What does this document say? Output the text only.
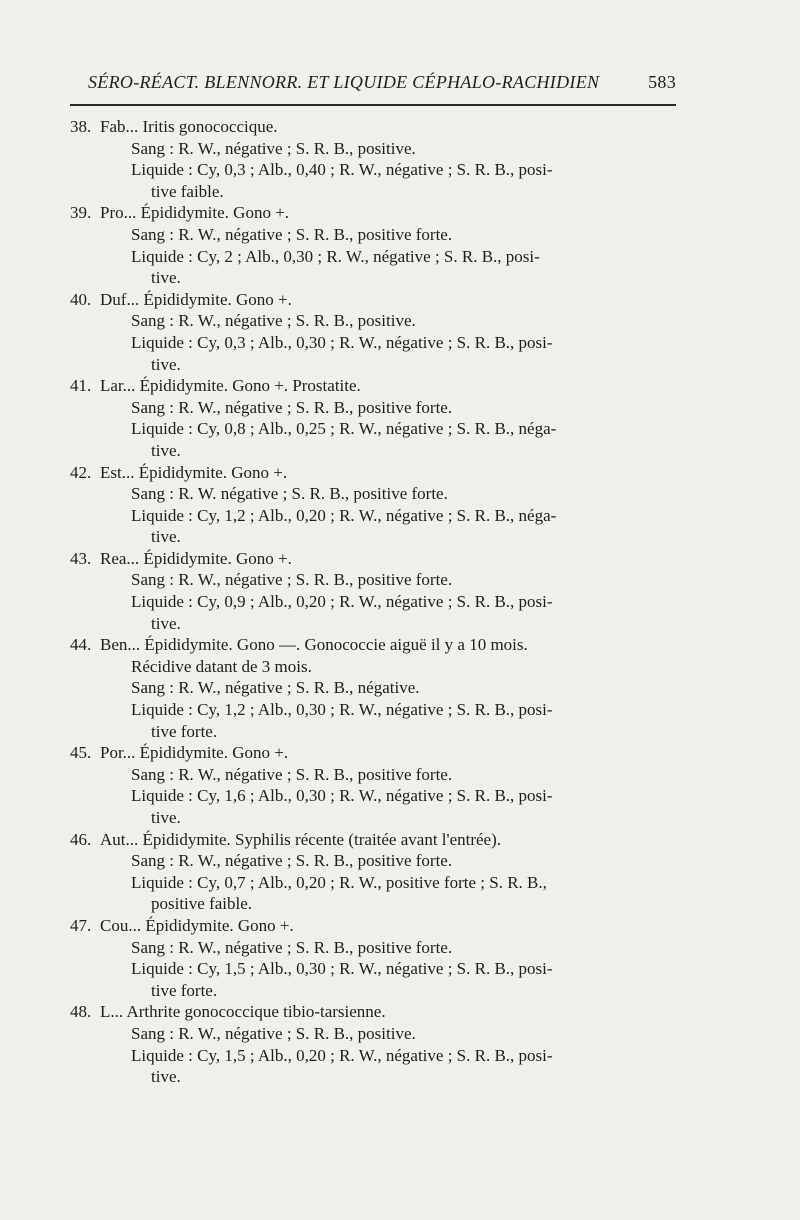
SÉRO-RÉACT. BLENNORR. ET LIQUIDE CÉPHALO-RACHIDIEN	583
38. Fab... Iritis gonococcique.
Sang : R. W., négative ; S. R. B., positive.
Liquide : Cy, 0,3 ; Alb., 0,40 ; R. W., négative ; S. R. B., posi-
tive faible.
39. Pro... Épididymite. Gono +.
Sang : R. W., négative ; S. R. B., positive forte.
Liquide : Cy, 2 ; Alb., 0,30 ; R. W., négative ; S. R. B., posi-
tive.
40. Duf... Épididymite. Gono +.
Sang : R. W., négative ; S. R. B., positive.
Liquide : Cy, 0,3 ; Alb., 0,30 ; R. W., négative ; S. R. B., posi-
tive.
41. Lar... Épididymite. Gono +. Prostatite.
Sang : R. W., négative ; S. R. B., positive forte.
Liquide : Cy, 0,8 ; Alb., 0,25 ; R. W., négative ; S. R. B., néga-
tive.
42. Est... Épididymite. Gono +.
Sang : R. W. négative ; S. R. B., positive forte.
Liquide : Cy, 1,2 ; Alb., 0,20 ; R. W., négative ; S. R. B., néga-
tive.
43. Rea... Épididymite. Gono +.
Sang : R. W., négative ; S. R. B., positive forte.
Liquide : Cy, 0,9 ; Alb., 0,20 ; R. W., négative ; S. R. B., posi-
tive.
44. Ben... Épididymite. Gono —. Gonococcie aiguë il y a 10 mois.
Récidive datant de 3 mois.
Sang : R. W., négative ; S. R. B., négative.
Liquide : Cy, 1,2 ; Alb., 0,30 ; R. W., négative ; S. R. B., posi-
tive forte.
45. Por... Épididymite. Gono +.
Sang : R. W., négative ; S. R. B., positive forte.
Liquide : Cy, 1,6 ; Alb., 0,30 ; R. W., négative ; S. R. B., posi-
tive.
46. Aut... Épididymite. Syphilis récente (traitée avant l'entrée).
Sang : R. W., négative ; S. R. B., positive forte.
Liquide : Cy, 0,7 ; Alb., 0,20 ; R. W., positive forte ; S. R. B.,
positive faible.
47. Cou... Épididymite. Gono +.
Sang : R. W., négative ; S. R. B., positive forte.
Liquide : Cy, 1,5 ; Alb., 0,30 ; R. W., négative ; S. R. B., posi-
tive forte.
48. L... Arthrite gonococcique tibio-tarsienne.
Sang : R. W., négative ; S. R. B., positive.
Liquide : Cy, 1,5 ; Alb., 0,20 ; R. W., négative ; S. R. B., posi-
tive.
